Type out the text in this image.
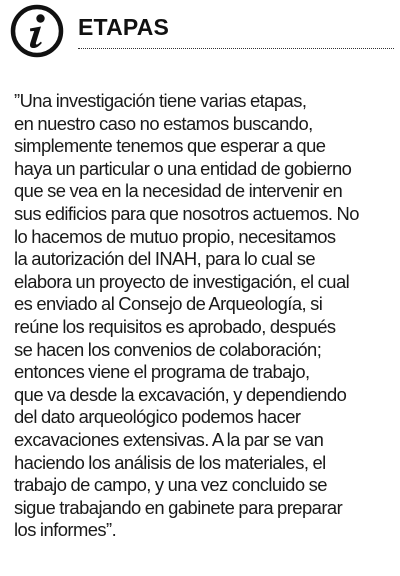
ETAPAS

”Una investigación tiene varias etapas,
en nuestro caso no estamos buscando,
simplemente tenemos que esperar a que
haya un particular o una entidad de gobierno
que se vea en la necesidad de intervenir en
sus edificios para que nosotros actuemos. No
lo hacemos de mutuo propio, necesitamos
la autorización del INAH, para lo cual se
elabora un proyecto de investigación, el cual
es enviado al Consejo de Arqueología, si
reúne los requisitos es aprobado, después
se hacen los convenios de colaboración;
entonces viene el programa de trabajo,
que va desde la excavación, y dependiendo
del dato arqueológico podemos hacer
excavaciones extensivas. A la par se van
haciendo los análisis de los materiales, el
trabajo de campo, y una vez concluido se
sigue trabajando en gabinete para preparar
los informes”.
